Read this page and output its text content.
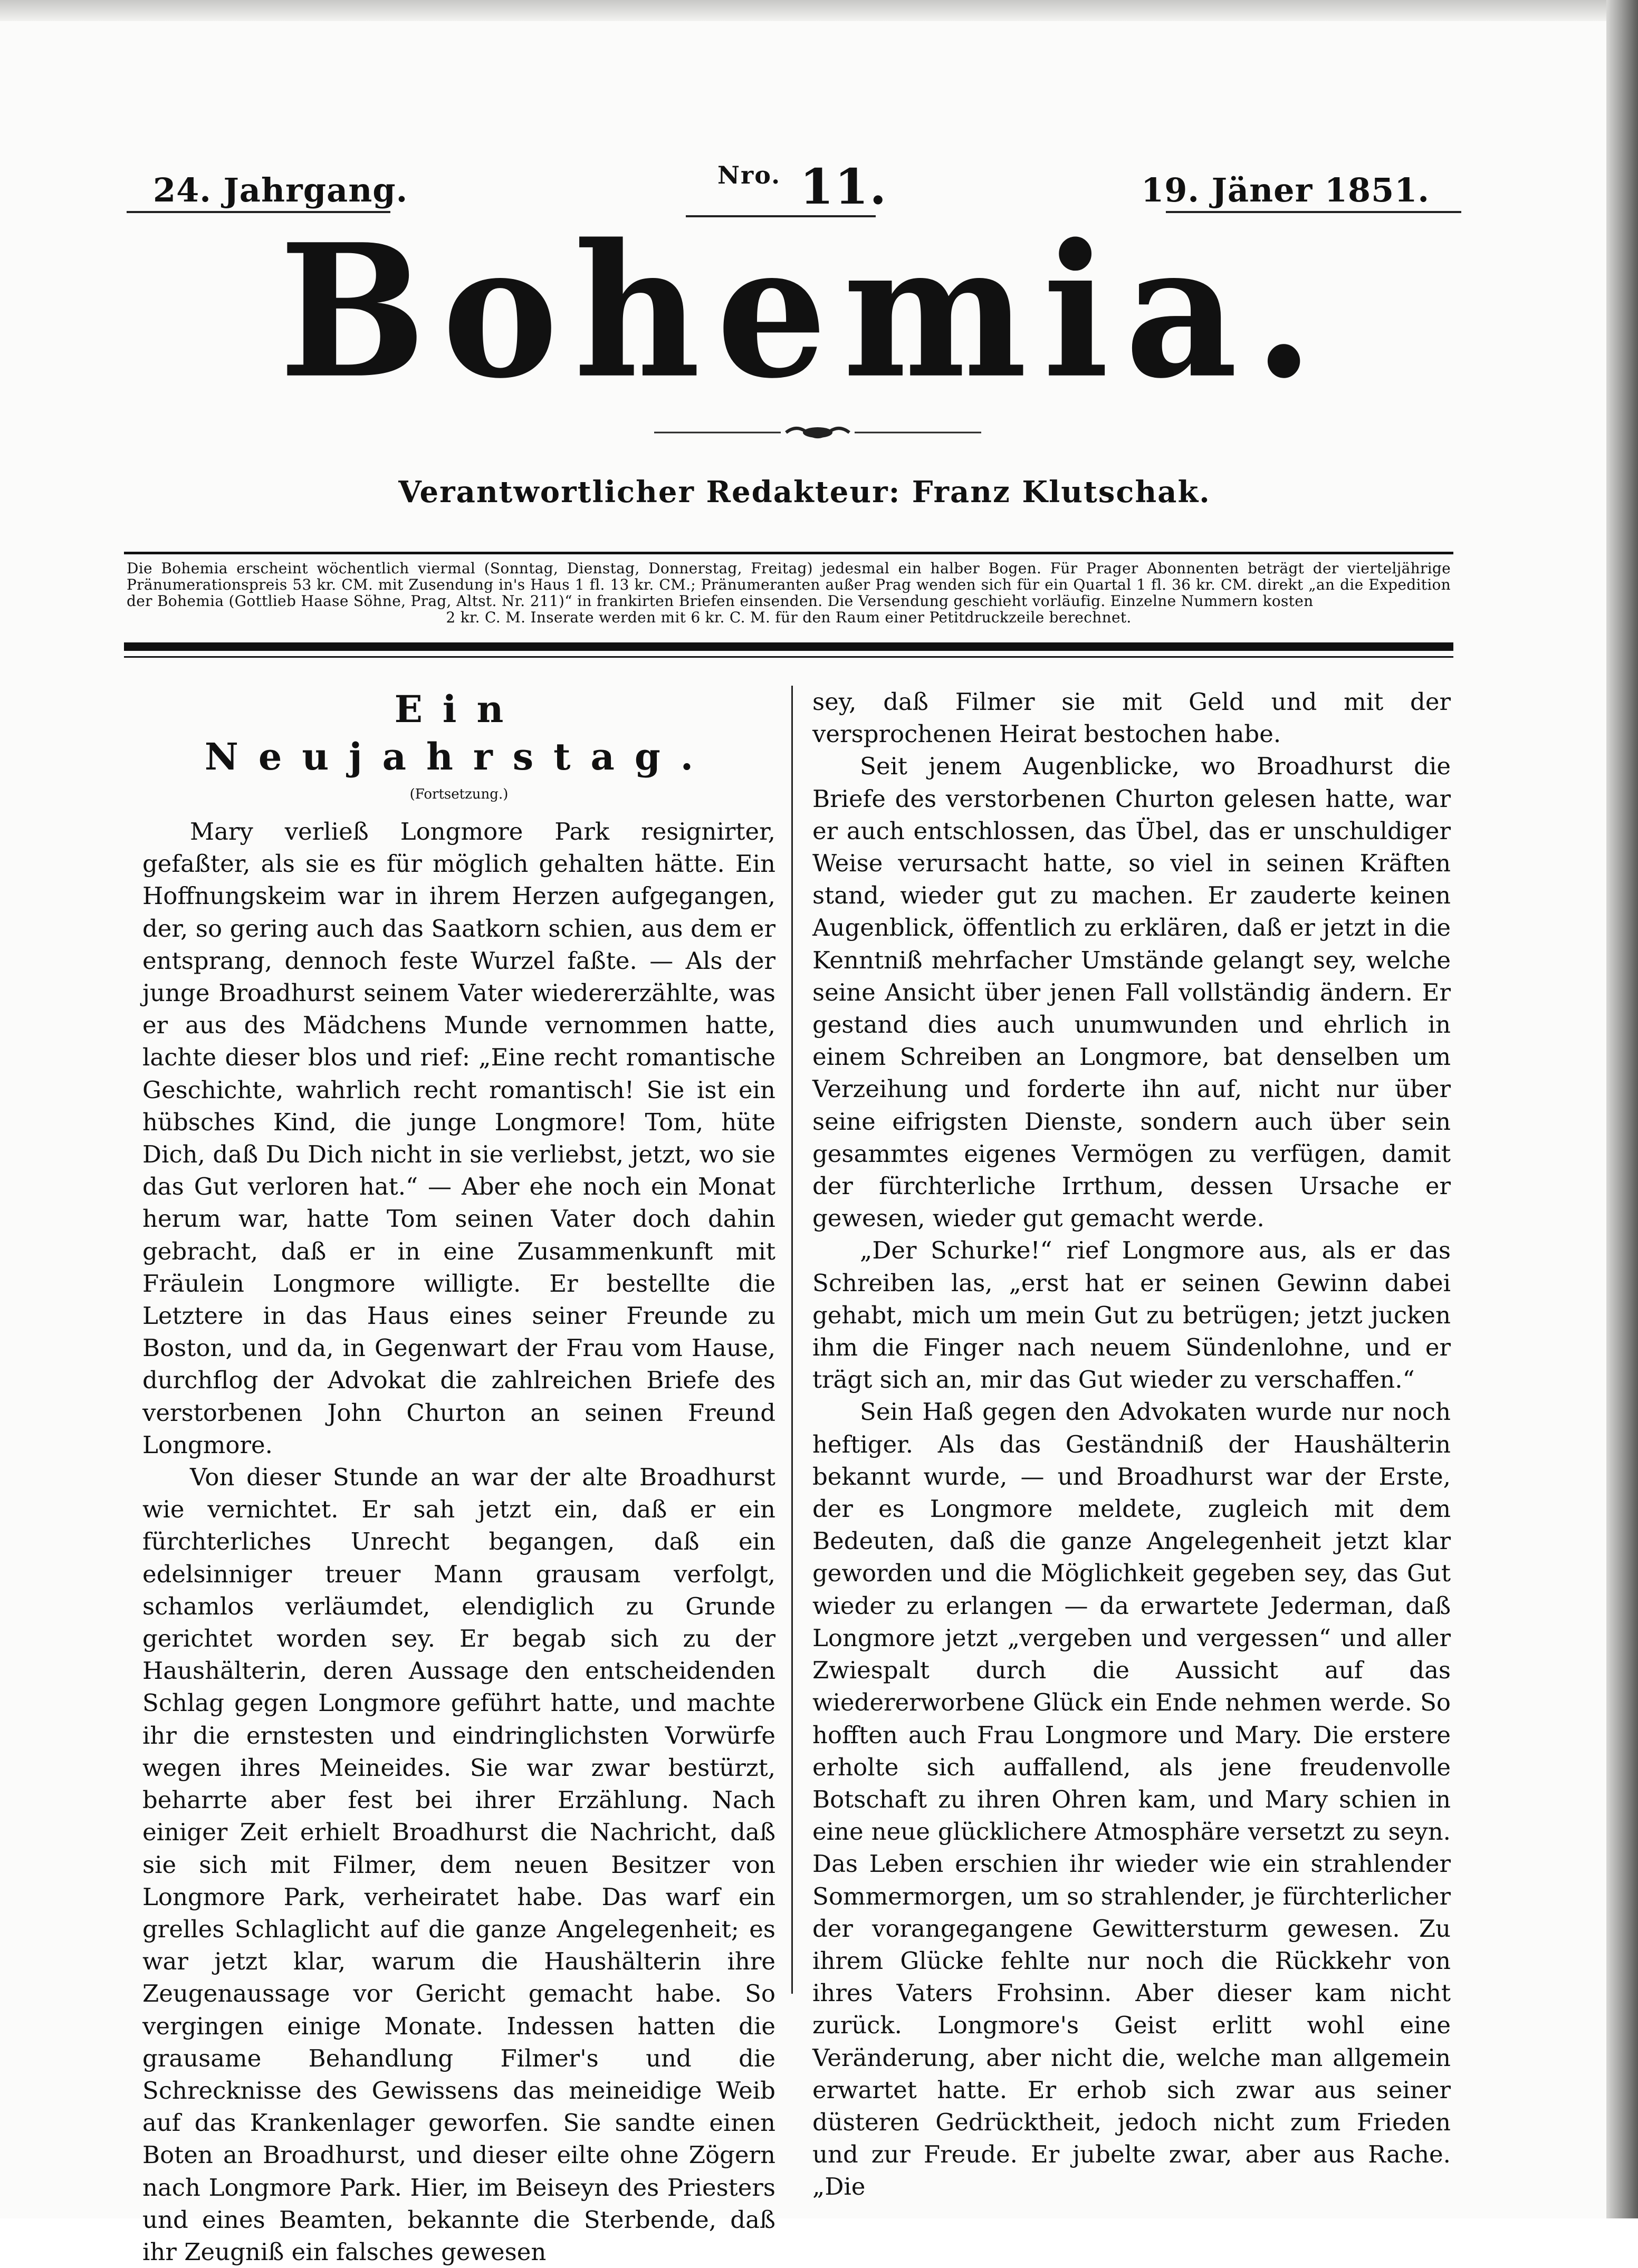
24. Jahrgang.	$^{Nro.}$ 11.	19. Jäner 1851.
Bohemia.
Verantwortlicher Redakteur: Franz Klutschak.
Die Bohemia erscheint wöchentlich viermal (Sonntag, Dienstag, Donnerstag, Freitag) jedesmal ein halber Bogen. Für Prager Abonnenten beträgt der vierteljährige Pränumerationspreis 53 kr. CM. mit Zusendung in's Haus 1 fl. 13 kr. CM.; Pränumeranten außer Prag wenden sich für ein Quartal 1 fl. 36 kr. CM. direkt „an die Expedition der Bohemia (Gottlieb Haase Söhne, Prag, Altst. Nr. 211)“ in frankirten Briefen einsenden. Die Versendung geschieht vorläufig. Einzelne Nummern kosten
2 kr. C. M. Inserate werden mit 6 kr. C. M. für den Raum einer Petitdruckzeile berechnet.
Ein Neujahrstag.
(Fortsetzung.)

Mary verließ Longmore Park resignirter, gefaßter, als sie es für möglich gehalten hätte. Ein Hoffnungskeim war in ihrem Herzen aufgegangen, der, so gering auch das Saatkorn schien, aus dem er entsprang, dennoch feste Wurzel faßte. — Als der junge Broadhurst seinem Vater wiedererzählte, was er aus des Mädchens Munde vernommen hatte, lachte dieser blos und rief: „Eine recht romantische Geschichte, wahrlich recht romantisch! Sie ist ein hübsches Kind, die junge Longmore! Tom, hüte Dich, daß Du Dich nicht in sie verliebst, jetzt, wo sie das Gut verloren hat.“ — Aber ehe noch ein Monat herum war, hatte Tom seinen Vater doch dahin gebracht, daß er in eine Zusammenkunft mit Fräulein Longmore willigte. Er bestellte die Letztere in das Haus eines seiner Freunde zu Boston, und da, in Gegenwart der Frau vom Hause, durchflog der Advokat die zahlreichen Briefe des verstorbenen John Churton an seinen Freund Longmore.

Von dieser Stunde an war der alte Broadhurst wie vernichtet. Er sah jetzt ein, daß er ein fürchterliches Unrecht begangen, daß ein edelsinniger treuer Mann grausam verfolgt, schamlos verläumdet, elendiglich zu Grunde gerichtet worden sey. Er begab sich zu der Haushälterin, deren Aussage den entscheidenden Schlag gegen Longmore geführt hatte, und machte ihr die ernstesten und eindringlichsten Vorwürfe wegen ihres Meineides. Sie war zwar bestürzt, beharrte aber fest bei ihrer Erzählung. Nach einiger Zeit erhielt Broadhurst die Nachricht, daß sie sich mit Filmer, dem neuen Besitzer von Longmore Park, verheiratet habe. Das warf ein grelles Schlaglicht auf die ganze Angelegenheit; es war jetzt klar, warum die Haushälterin ihre Zeugenaussage vor Gericht gemacht habe. So vergingen einige Monate. Indessen hatten die grausame Behandlung Filmer's und die Schrecknisse des Gewissens das meineidige Weib auf das Krankenlager geworfen. Sie sandte einen Boten an Broadhurst, und dieser eilte ohne Zögern nach Longmore Park. Hier, im Beiseyn des Priesters und eines Beamten, bekannte die Sterbende, daß ihr Zeugniß ein falsches gewesen

sey, daß Filmer sie mit Geld und mit der versprochenen Heirat bestochen habe.

Seit jenem Augenblicke, wo Broadhurst die Briefe des verstorbenen Churton gelesen hatte, war er auch entschlossen, das Übel, das er unschuldiger Weise verursacht hatte, so viel in seinen Kräften stand, wieder gut zu machen. Er zauderte keinen Augenblick, öffentlich zu erklären, daß er jetzt in die Kenntniß mehrfacher Umstände gelangt sey, welche seine Ansicht über jenen Fall vollständig ändern. Er gestand dies auch unumwunden und ehrlich in einem Schreiben an Longmore, bat denselben um Verzeihung und forderte ihn auf, nicht nur über seine eifrigsten Dienste, sondern auch über sein gesammtes eigenes Vermögen zu verfügen, damit der fürchterliche Irrthum, dessen Ursache er gewesen, wieder gut gemacht werde.

„Der Schurke!“ rief Longmore aus, als er das Schreiben las, „erst hat er seinen Gewinn dabei gehabt, mich um mein Gut zu betrügen; jetzt jucken ihm die Finger nach neuem Sündenlohne, und er trägt sich an, mir das Gut wieder zu verschaffen.“

Sein Haß gegen den Advokaten wurde nur noch heftiger. Als das Geständniß der Haushälterin bekannt wurde, — und Broadhurst war der Erste, der es Longmore meldete, zugleich mit dem Bedeuten, daß die ganze Angelegenheit jetzt klar geworden und die Möglichkeit gegeben sey, das Gut wieder zu erlangen — da erwartete Jederman, daß Longmore jetzt „vergeben und vergessen“ und aller Zwiespalt durch die Aussicht auf das wiedererworbene Glück ein Ende nehmen werde. So hofften auch Frau Longmore und Mary. Die erstere erholte sich auffallend, als jene freudenvolle Botschaft zu ihren Ohren kam, und Mary schien in eine neue glücklichere Atmosphäre versetzt zu seyn. Das Leben erschien ihr wieder wie ein strahlender Sommermorgen, um so strahlender, je fürchterlicher der vorangegangene Gewittersturm gewesen. Zu ihrem Glücke fehlte nur noch die Rückkehr von ihres Vaters Frohsinn. Aber dieser kam nicht zurück. Longmore's Geist erlitt wohl eine Veränderung, aber nicht die, welche man allgemein erwartet hatte. Er erhob sich zwar aus seiner düsteren Gedrücktheit, jedoch nicht zum Frieden und zur Freude. Er jubelte zwar, aber aus Rache. „Die
